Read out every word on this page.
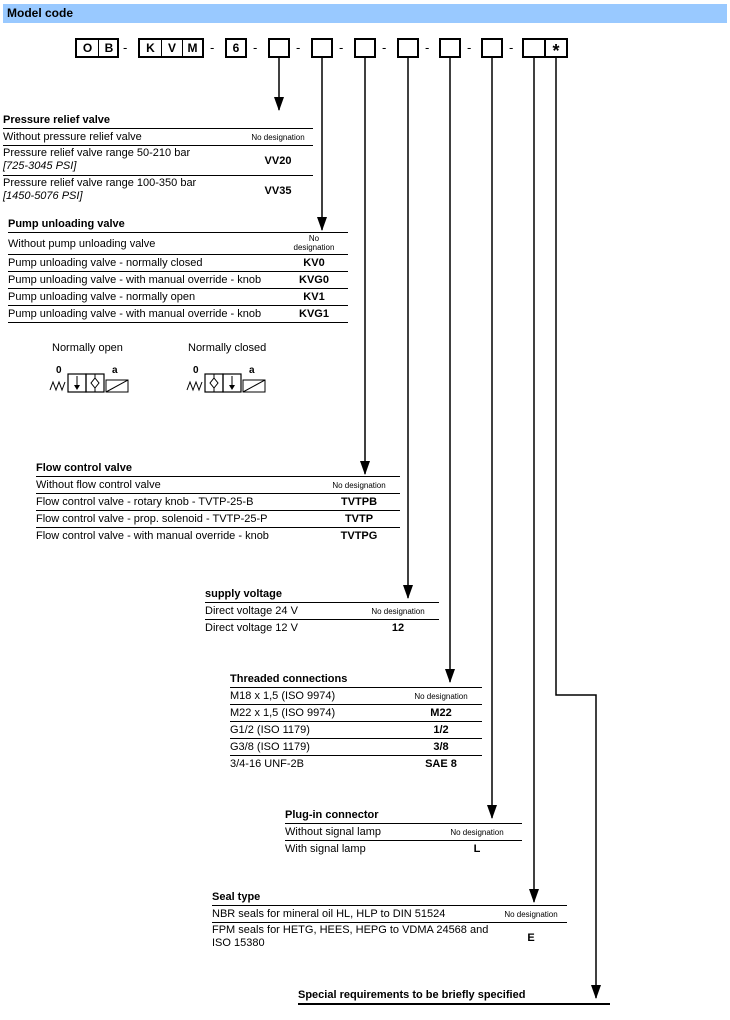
Model code
O	B -	K	V M -	6	-	-	-	-	-	-	-	*
Pressure relief valve
Without pressure relief valve	No designation
Pressure relief valve range 50-210 bar
[725-3045 PSI]	VV20
Pressure relief valve range 100-350 bar
[1450-5076 PSI]	VV35
Pump unloading valve
Without pump unloading valve	No designation
Pump unloading valve - normally closed	KV0
Pump unloading valve - with manual override - knob	KVG0
Pump unloading valve - normally open	KV1
Pump unloading valve - with manual override - knob	KVG1
Normally open	Normally closed
0	a	0	a
Flow control valve
Without flow control valve	No designation
Flow control valve - rotary knob - TVTP-25-B	TVTPB
Flow control valve - prop. solenoid - TVTP-25-P	TVTP
Flow control valve - with manual override - knob	TVTPG
supply voltage
Direct voltage 24 V	No designation
Direct voltage 12 V	12
Threaded connections
M18 x 1,5 (ISO 9974)	No designation
M22 x 1,5 (ISO 9974)	M22
G1/2 (ISO 1179)	1/2
G3/8 (ISO 1179)	3/8
3/4-16 UNF-2B	SAE 8
Plug-in connector
Without signal lamp	No designation
With signal lamp	L
Seal type
NBR seals for mineral oil HL, HLP to DIN 51524	No designation
FPM seals for HETG, HEES, HEPG to VDMA 24568 and ISO 15380	E
Special requirements to be briefly specified
